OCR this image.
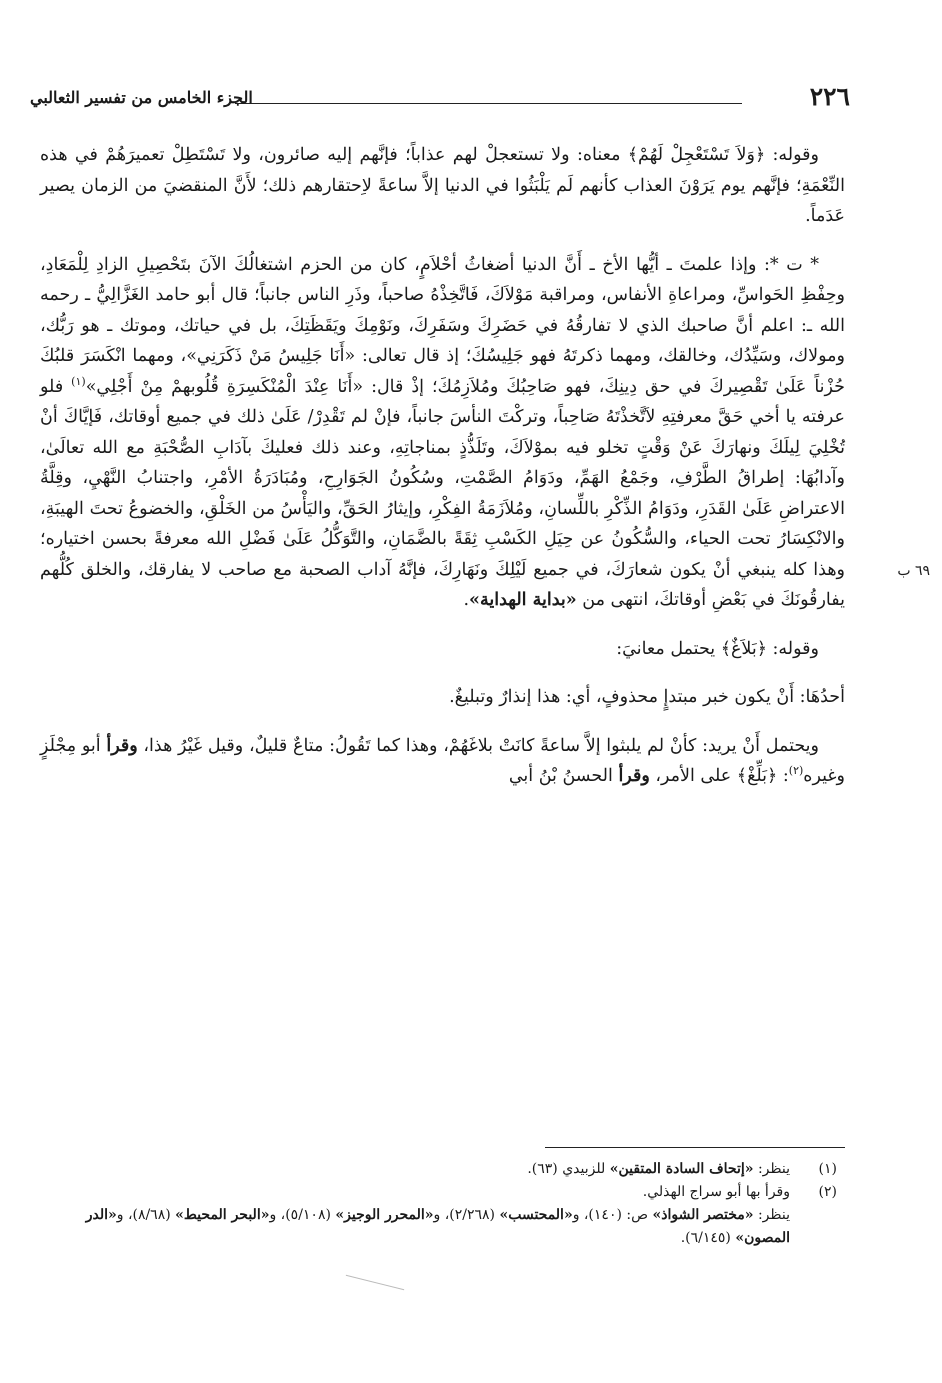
٢٢٦
الجزء الخامس من تفسير الثعالبي
٦٩ ب

وقوله: ﴿وَلاَ تَسْتَعْجِلْ لَهُمْ﴾ معناه: ولا تستعجلْ لهم عذاباً؛ فإنَّهم إليه صائرون، ولا تَسْتَطِلْ تعميرَهُمْ في هذه النِّعْمَةِ؛ فإنَّهم يوم يَرَوْنَ العذاب كأنهم لَم يَلْبَثُوا في الدنيا إلاَّ ساعةً لاِحتقارهم ذلك؛ لأَنَّ المنقضيَ من الزمان يصير عَدَماً.

* ت *: وإذا علمتَ ـ أيُّها الأخ ـ أَنَّ الدنيا أضغاثُ أحْلاَمٍ، كان من الحزم اشتغالُكَ الآنَ بتَحْصِيلِ الزادِ لِلْمَعَادِ، وحِفْظِ الحَواسِّ، ومراعاةِ الأنفاس، ومراقبة مَوْلاَكَ، فَاتَّخِذْهُ صاحباً، وذَرِ الناس جانباً؛ قال أبو حامد الغَزَّالِيُّ ـ رحمه الله ـ: اعلم أنَّ صاحبك الذي لا تفارقُهُ في حَضَرِكَ وسَفَرِكَ، ونَوْمِكَ ويَقَظَتِكَ، بل في حياتك، وموتك ـ هو رَبُّك، ومولاك، وسَيِّدُك، وخالقك، ومهما ذكرتَهُ فهو جَلِيسُكَ؛ إذ قال تعالى: «أَنَا جَلِيسُ مَنْ ذَكَرَنِي»، ومهما انْكَسَرَ قلبُكَ حُزْناً عَلَىٰ تَقْصِيركَ في حق دِينِكَ، فهو صَاحِبُكَ ومُلاَزِمُكَ؛ إذْ قال: «أَنَا عِنْدَ الْمُنْكَسِرَةِ قُلُوبهمْ مِنْ أَجْلِي»$^{(١)}$ فلو عرفته يا أخي حَقَّ معرفتِهِ لاَتَّخذْتَهُ صَاحِباً، وتركْتَ النأسَ جانباً، فإنْ لم تَقْدِرْ/ عَلَىٰ ذلك في جميع أوقاتك، فَإيَّاكَ أنْ تُخْلِيَ لِيلَكَ ونهارَكَ عَنْ وَقْتٍ تخلو فيه بموْلاَكَ، وتَلَذُّذٍ بمناجاتِهِ، وعند ذلك فعليكَ بآدَابِ الصُّحْبَةِ مع الله تعالَىٰ، وآدابُهَا: إطراقُ الطَّرْفِ، وجَمْعُ الهَمِّ، ودَوَامُ الصَّمْتِ، وسُكُونُ الجَوَارِحِ، ومُبَادَرَةُ الأمْرِ، واجتنابُ النَّهْيِ، وقِلَّةُ الاعتراضِ عَلَىٰ القَدَرِ، ودَوَامُ الذِّكْرِ باللِّسانِ، ومُلاَزَمَةُ الفِكْرِ، وإيثارُ الحَقِّ، واليَأْسُ من الخَلْقِ، والخضوعُ تحتَ الهيبَةِ، والانْكِسَارُ تحت الحياء، والسُّكُونُ عن حِيَلِ الكَسْبِ ثِقَةً بالضَّمَانِ، والتَّوَكُّلُ عَلَىٰ فَضْلِ الله معرفةً بحسن اختياره؛ وهذا كله ينبغي أنْ يكون شعارَكَ، في جميع لَيْلِكَ ونَهَارِكَ، فإنَّهُ آداب الصحبة مع صاحب لا يفارقك، والخلق كُلُّهم يفارقُونَكَ في بَعْضِ أوقاتكَ، انتهى من «بداية الهداية».

وقوله: ﴿بَلاَغٌ﴾ يحتمل معانيَ:

أحدُهَا: أَنْ يكون خبر مبتدإٍ محذوفٍ، أي: هذا إنذارٌ وتبليغٌ.

ويحتمل أَنْ يريد: كأنْ لم يلبثوا إلاَّ ساعةً كانَتْ بلاغَهُمْ، وهذا كما تَقُولُ: متاعٌ قليلٌ، وقيل غَيْرُ هذا، وقرأ أبو مِجْلَزٍ وغيره$^{(٢)}$: ﴿بَلِّغْ﴾ على الأمر، وقرأ الحسنُ بْنُ أبي

(١)
ينظر: «إتحاف السادة المتقين» للزبيدي (٦٣).
(٢)
وقرأ بها أبو سراج الهذلي.
ينظر: «مختصر الشواذ» ص: (١٤٠)، و«المحتسب» (٢/٢٦٨)، و«المحرر الوجيز» (٥/١٠٨)، و«البحر المحيط» (٨/٦٨)، و«الدر المصون» (٦/١٤٥).
